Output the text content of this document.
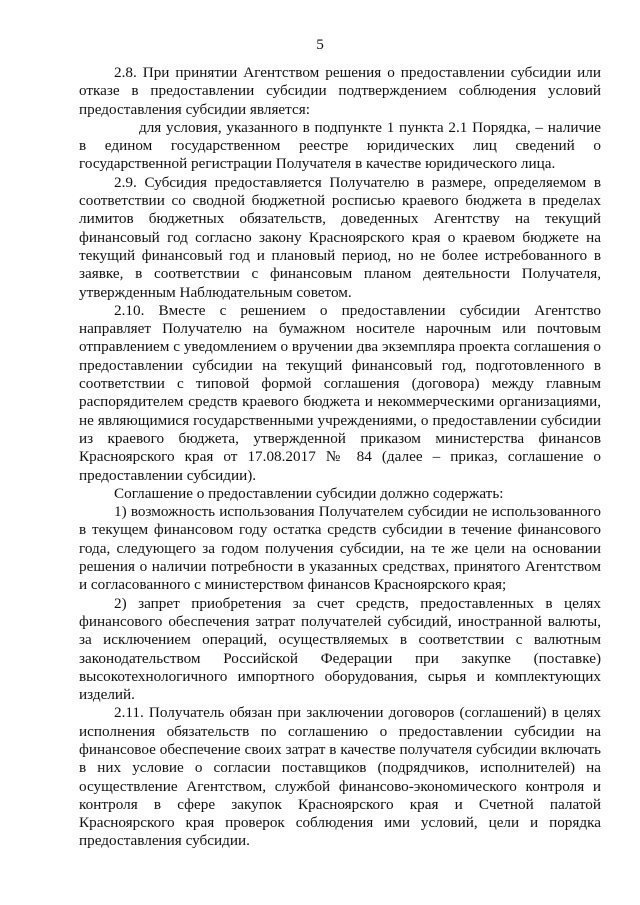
5

2.8. При принятии Агентством решения о предоставлении субсидии или отказе в предоставлении субсидии подтверждением соблюдения условий предоставления субсидии является:

для условия, указанного в подпункте 1 пункта 2.1 Порядка, – наличие в едином государственном реестре юридических лиц сведений о государственной регистрации Получателя в качестве юридического лица.

2.9. Субсидия предоставляется Получателю в размере, определяемом в соответствии со сводной бюджетной росписью краевого бюджета в пределах лимитов бюджетных обязательств, доведенных Агентству на текущий финансовый год согласно закону Красноярского края о краевом бюджете на текущий финансовый год и плановый период, но не более истребованного в заявке, в соответствии с финансовым планом деятельности Получателя, утвержденным Наблюдательным советом.

2.10. Вместе с решением о предоставлении субсидии Агентство направляет Получателю на бумажном носителе нарочным или почтовым отправлением с уведомлением о вручении два экземпляра проекта соглашения о предоставлении субсидии на текущий финансовый год, подготовленного в соответствии с типовой формой соглашения (договора) между главным распорядителем средств краевого бюджета и некоммерческими организациями, не являющимися государственными учреждениями, о предоставлении субсидии из краевого бюджета, утвержденной приказом министерства финансов Красноярского края от 17.08.2017 № 84 (далее – приказ, соглашение о предоставлении субсидии).

Соглашение о предоставлении субсидии должно содержать:

1) возможность использования Получателем субсидии не использованного в текущем финансовом году остатка средств субсидии в течение финансового года, следующего за годом получения субсидии, на те же цели на основании решения о наличии потребности в указанных средствах, принятого Агентством и согласованного с министерством финансов Красноярского края;

2) запрет приобретения за счет средств, предоставленных в целях финансового обеспечения затрат получателей субсидий, иностранной валюты, за исключением операций, осуществляемых в соответствии с валютным законодательством Российской Федерации при закупке (поставке) высокотехнологичного импортного оборудования, сырья и комплектующих изделий.

2.11. Получатель обязан при заключении договоров (соглашений) в целях исполнения обязательств по соглашению о предоставлении субсидии на финансовое обеспечение своих затрат в качестве получателя субсидии включать в них условие о согласии поставщиков (подрядчиков, исполнителей) на осуществление Агентством, службой финансово-экономического контроля и контроля в сфере закупок Красноярского края и Счетной палатой Красноярского края проверок соблюдения ими условий, цели и порядка предоставления субсидии.
